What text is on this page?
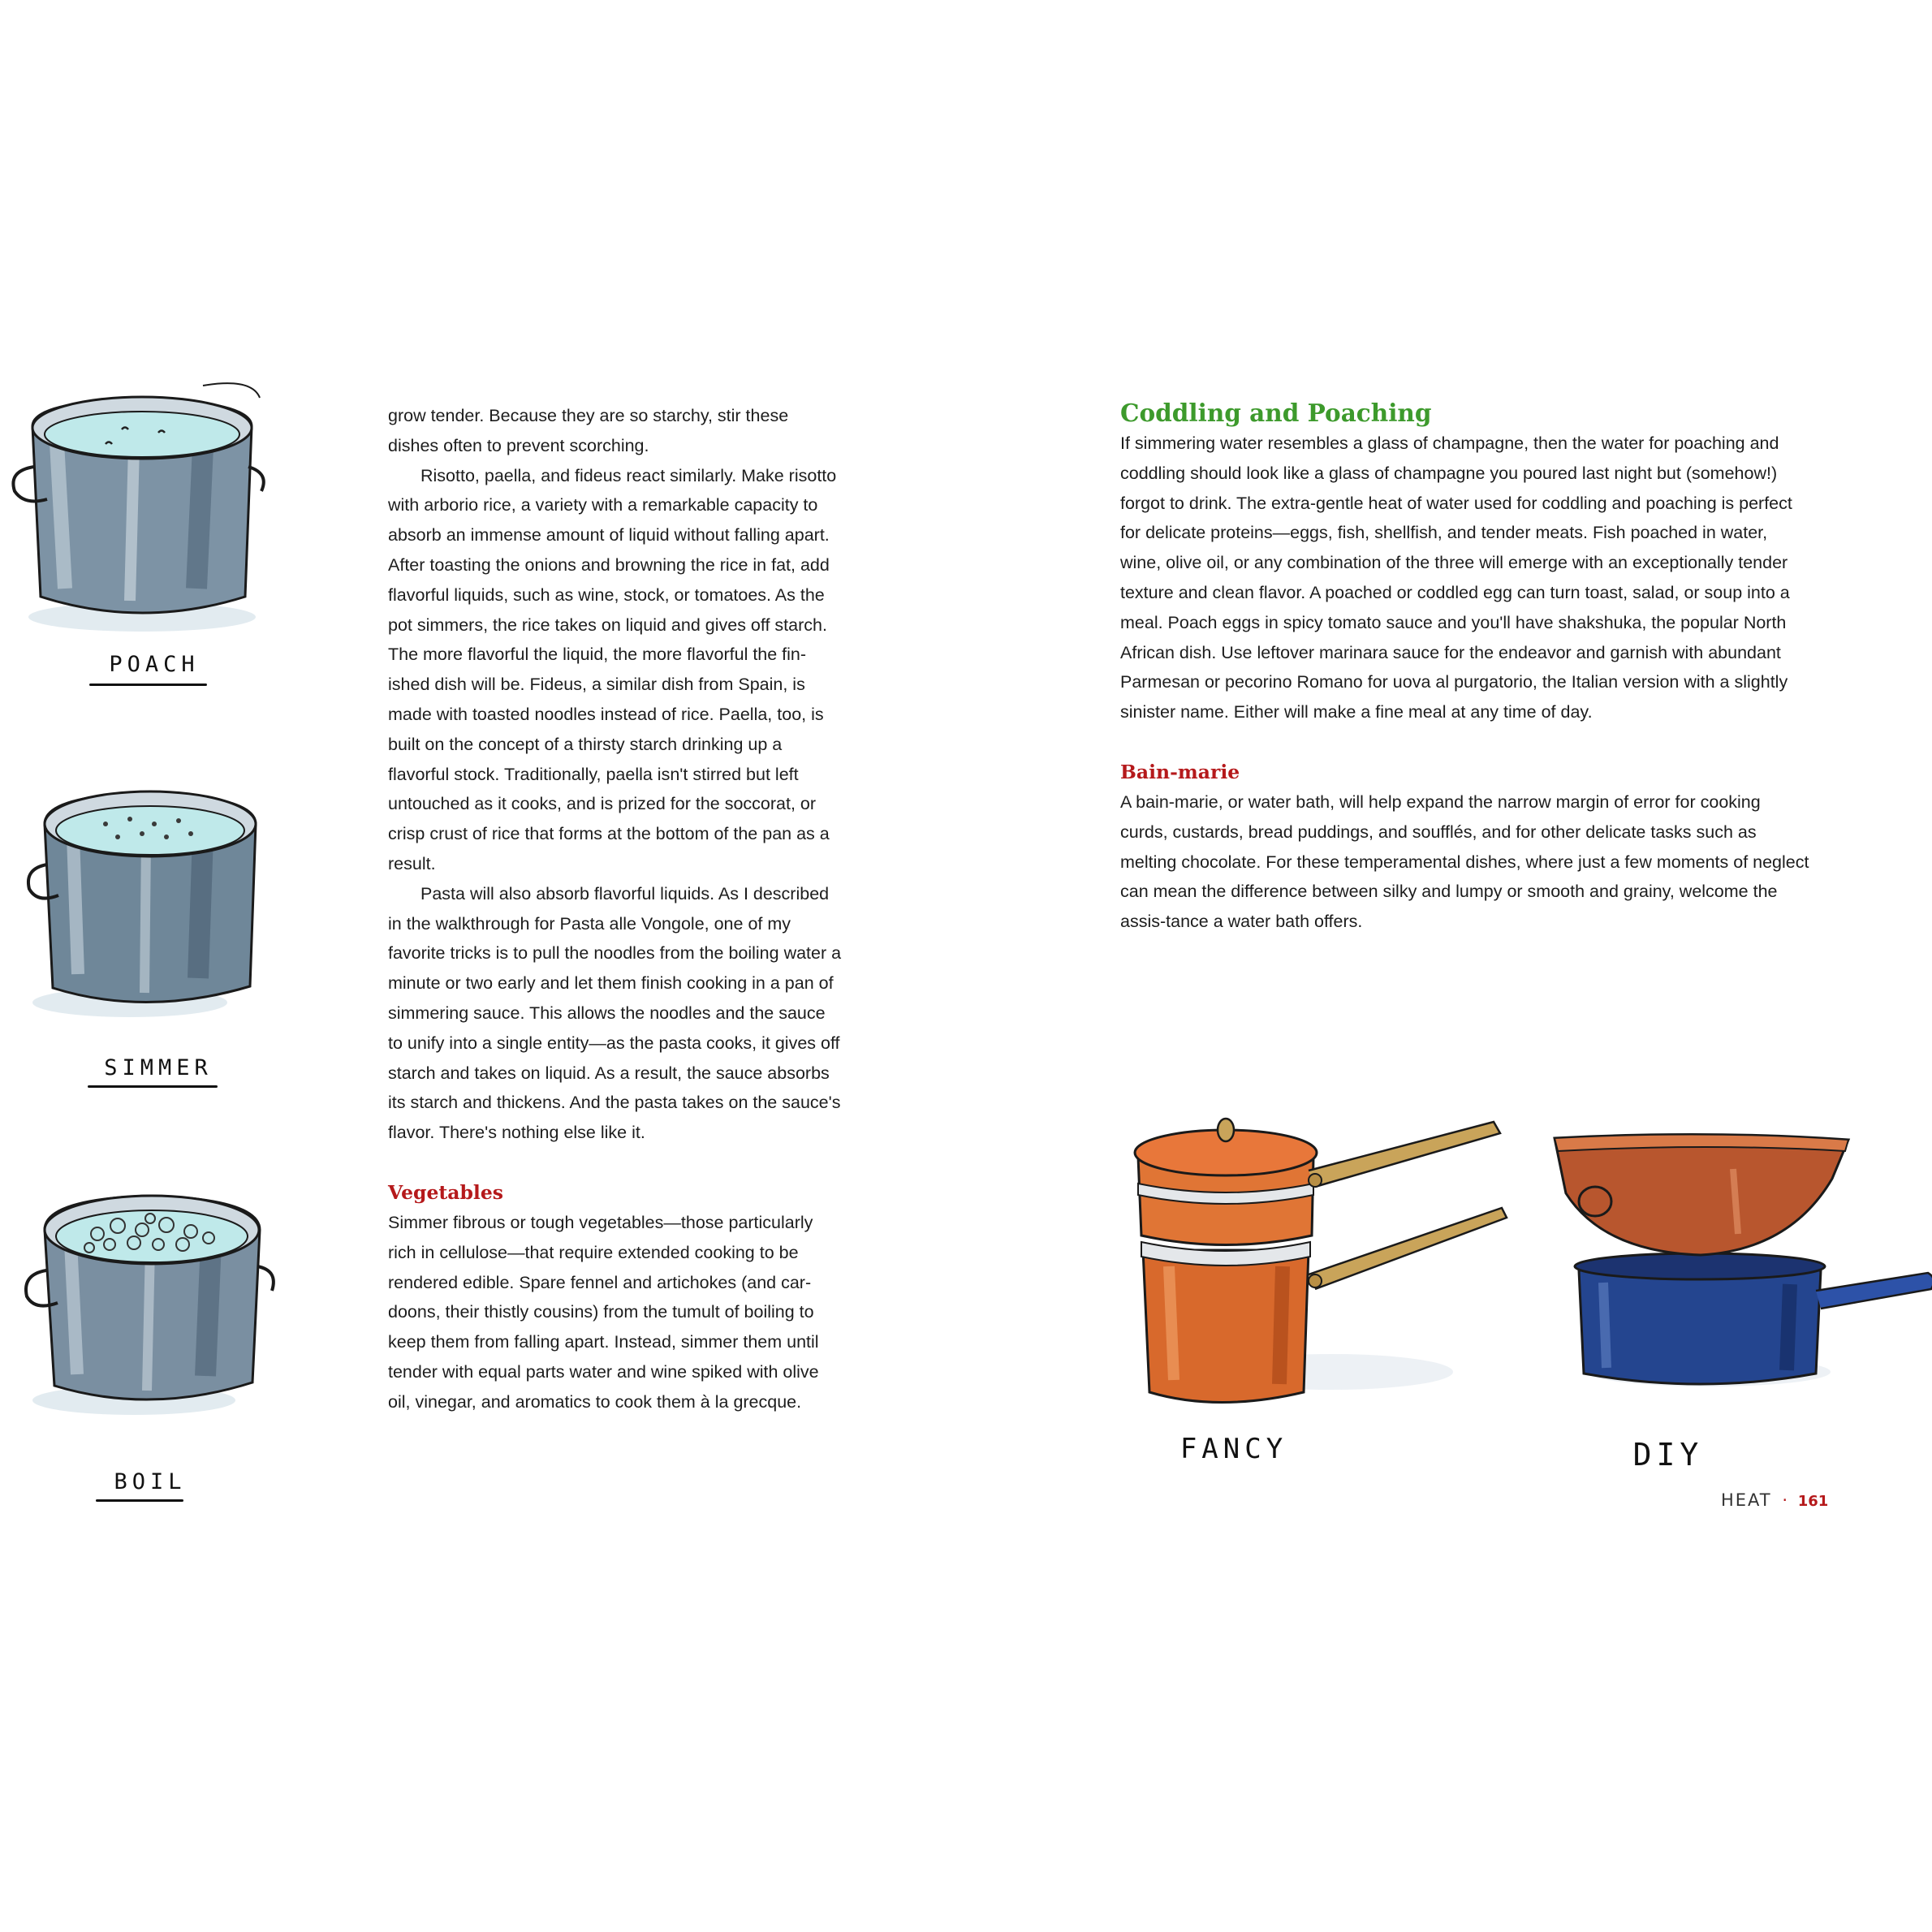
POACH
SIMMER
BOIL

grow tender. Because they are so starchy, stir these dishes often to prevent scorching.

Risotto, paella, and fideus react similarly. Make risotto with arborio rice, a variety with a remarkable capacity to absorb an immense amount of liquid without falling apart. After toasting the onions and browning the rice in fat, add flavorful liquids, such as wine, stock, or tomatoes. As the pot simmers, the rice takes on liquid and gives off starch. The more flavorful the liquid, the more flavorful the fin-ished dish will be. Fideus, a similar dish from Spain, is made with toasted noodles instead of rice. Paella, too, is built on the concept of a thirsty starch drinking up a flavorful stock. Traditionally, paella isn't stirred but left untouched as it cooks, and is prized for the soccorat, or crisp crust of rice that forms at the bottom of the pan as a result.

Pasta will also absorb flavorful liquids. As I described in the walkthrough for Pasta alle Vongole, one of my favorite tricks is to pull the noodles from the boiling water a minute or two early and let them finish cooking in a pan of simmering sauce. This allows the noodles and the sauce to unify into a single entity—as the pasta cooks, it gives off starch and takes on liquid. As a result, the sauce absorbs its starch and thickens. And the pasta takes on the sauce's flavor. There's nothing else like it.

Vegetables

Simmer fibrous or tough vegetables—those particularly rich in cellulose—that require extended cooking to be rendered edible. Spare fennel and artichokes (and car-doons, their thistly cousins) from the tumult of boiling to keep them from falling apart. Instead, simmer them until tender with equal parts water and wine spiked with olive oil, vinegar, and aromatics to cook them à la grecque.

Coddling and Poaching

If simmering water resembles a glass of champagne, then the water for poaching and coddling should look like a glass of champagne you poured last night but (somehow!) forgot to drink. The extra-gentle heat of water used for coddling and poaching is perfect for delicate proteins—eggs, fish, shellfish, and tender meats. Fish poached in water, wine, olive oil, or any combination of the three will emerge with an exceptionally tender texture and clean flavor. A poached or coddled egg can turn toast, salad, or soup into a meal. Poach eggs in spicy tomato sauce and you'll have shakshuka, the popular North African dish. Use leftover marinara sauce for the endeavor and garnish with abundant Parmesan or pecorino Romano for uova al purgatorio, the Italian version with a slightly sinister name. Either will make a fine meal at any time of day.

Bain-marie

A bain-marie, or water bath, will help expand the narrow margin of error for cooking curds, custards, bread puddings, and soufflés, and for other delicate tasks such as melting chocolate. For these temperamental dishes, where just a few moments of neglect can mean the difference between silky and lumpy or smooth and grainy, welcome the assis-tance a water bath offers.

FANCY	DIY
HEAT · 161
